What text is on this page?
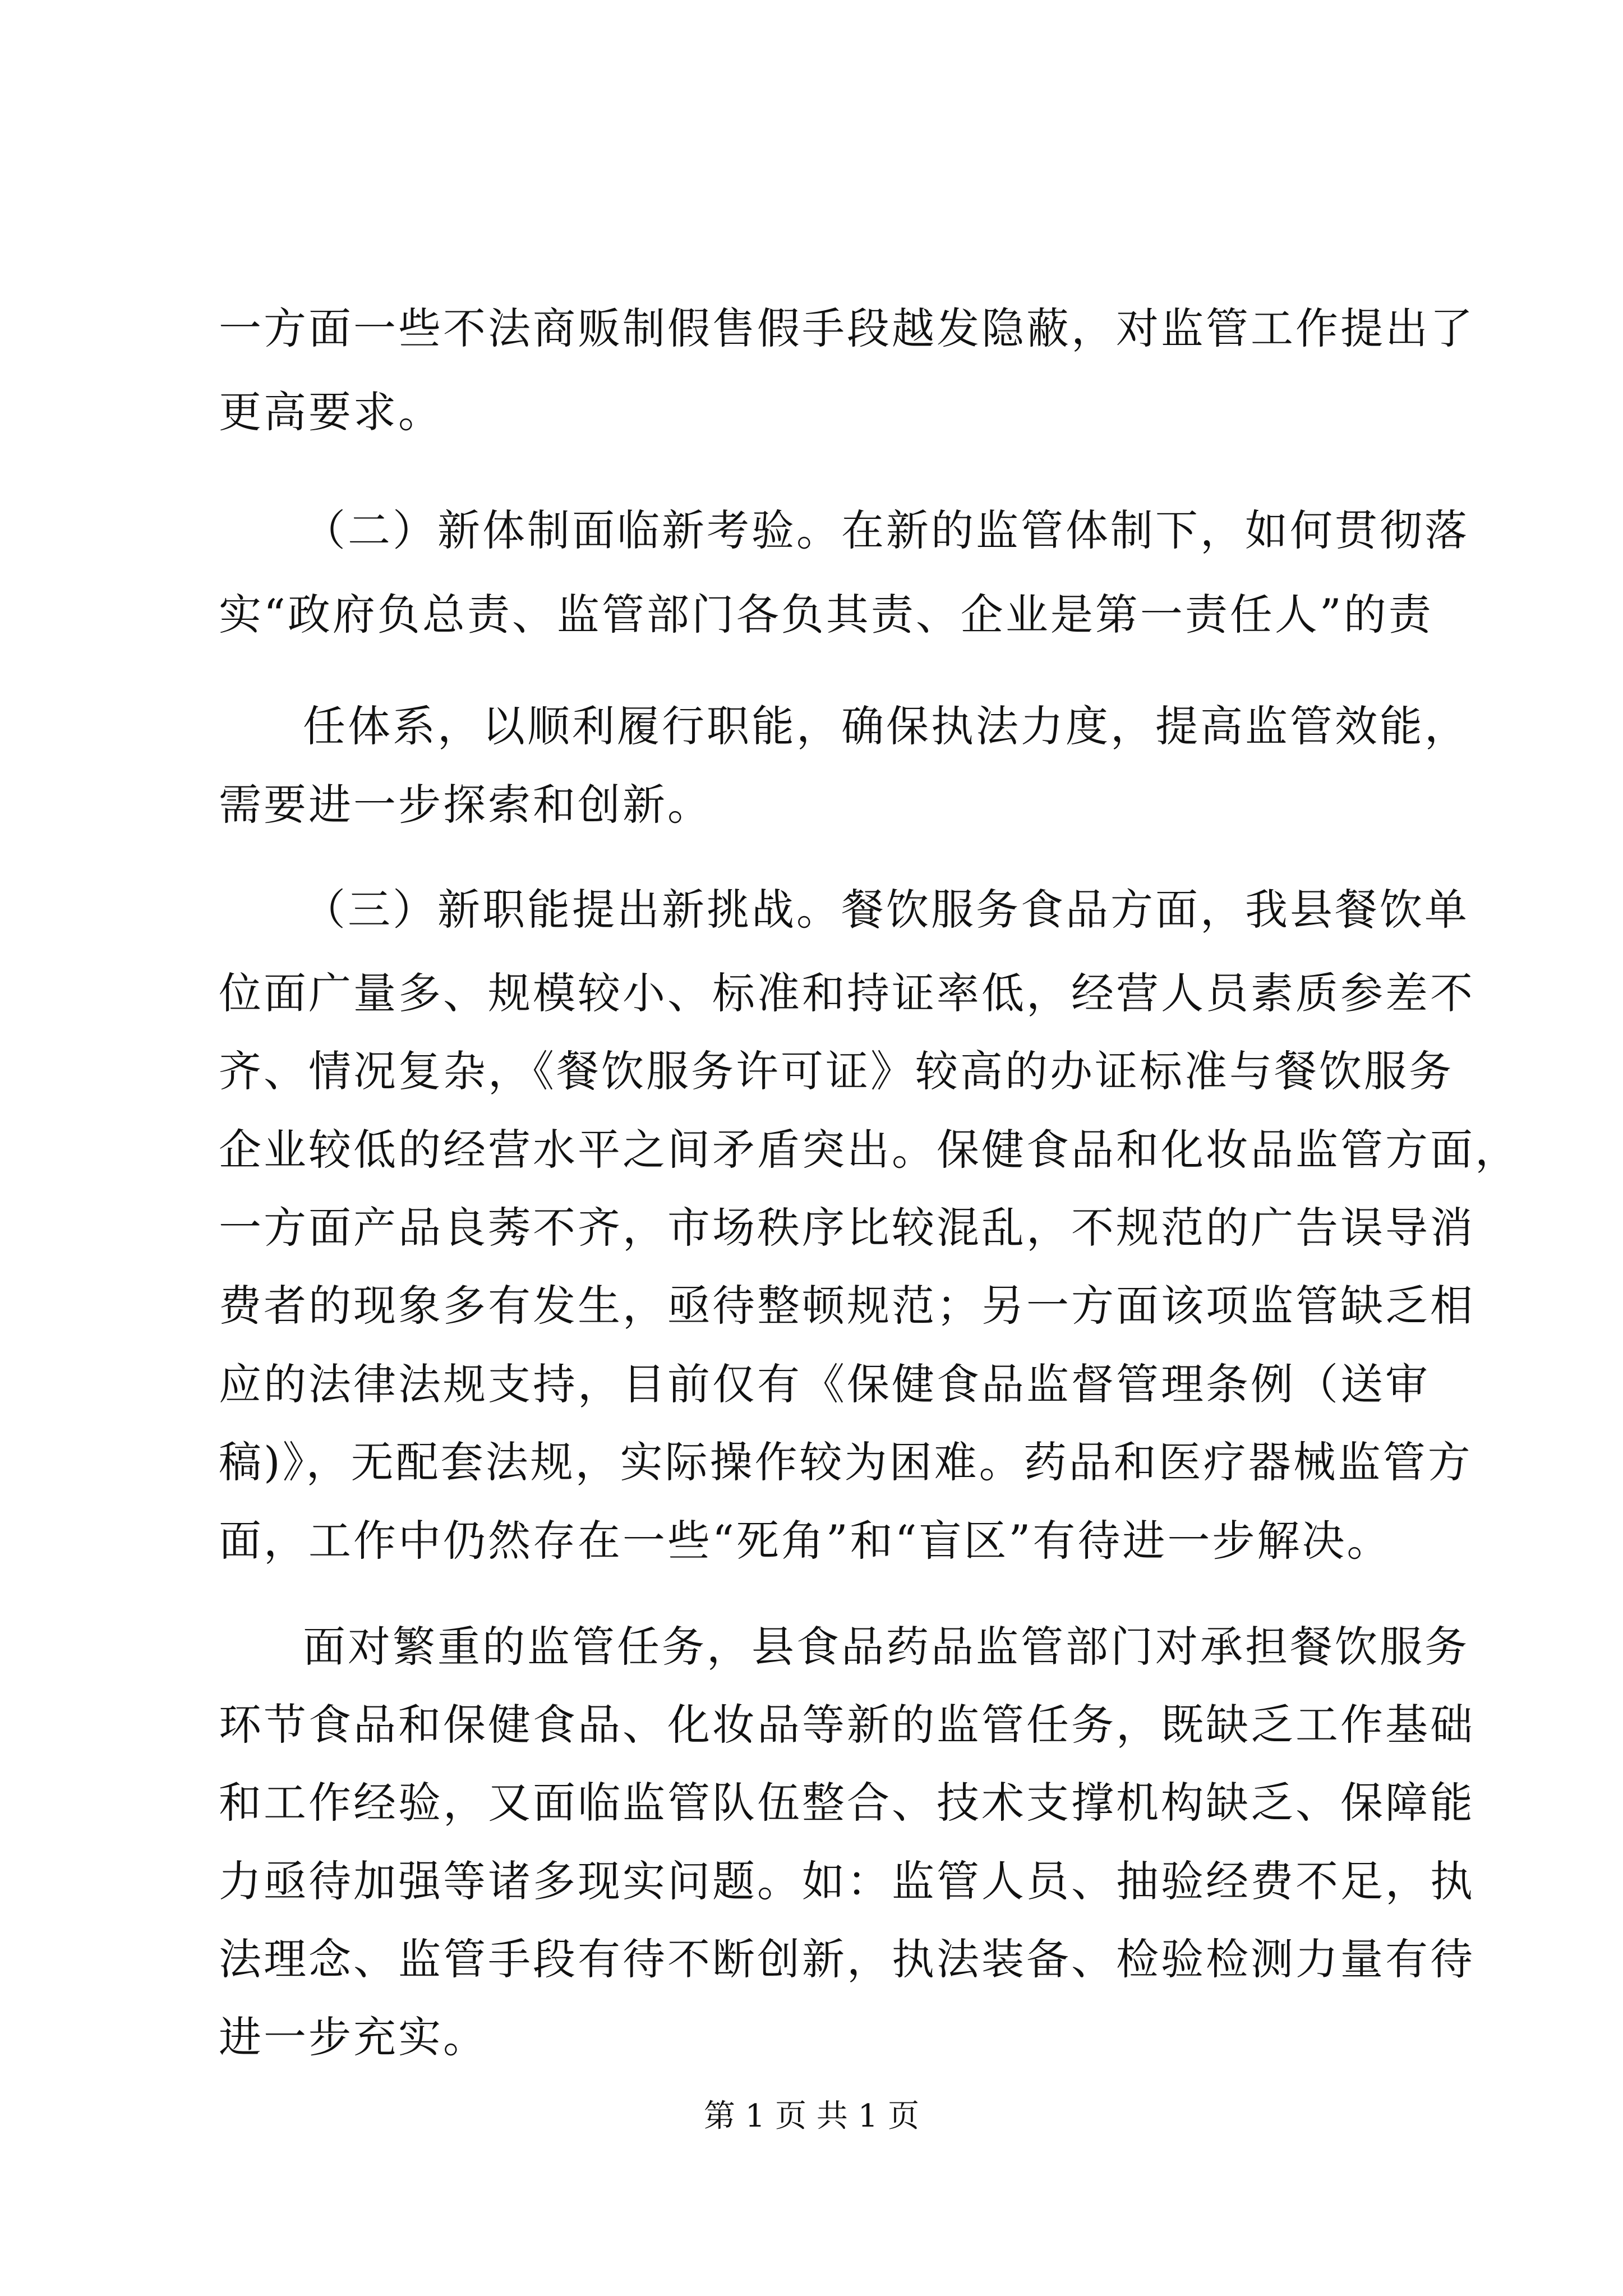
一方面一些不法商贩制假售假手段越发隐蔽，对监管工作提出了

更高要求。

（二）新体制面临新考验。在新的监管体制下，如何贯彻落

实“政府负总责、监管部门各负其责、企业是第一责任人”的责

任体系，以顺利履行职能，确保执法力度，提高监管效能，

需要进一步探索和创新。

（三）新职能提出新挑战。餐饮服务食品方面，我县餐饮单

位面广量多、规模较小、标准和持证率低，经营人员素质参差不

齐、情况复杂，《餐饮服务许可证》较高的办证标准与餐饮服务

企业较低的经营水平之间矛盾突出。保健食品和化妆品监管方面，

一方面产品良莠不齐，市场秩序比较混乱，不规范的广告误导消

费者的现象多有发生，亟待整顿规范；另一方面该项监管缺乏相

应的法律法规支持，目前仅有《保健食品监督管理条例（送审

稿)》，无配套法规，实际操作较为困难。药品和医疗器械监管方

面，工作中仍然存在一些“死角”和“盲区”有待进一步解决。

面对繁重的监管任务，县食品药品监管部门对承担餐饮服务

环节食品和保健食品、化妆品等新的监管任务，既缺乏工作基础

和工作经验，又面临监管队伍整合、技术支撑机构缺乏、保障能

力亟待加强等诸多现实问题。如：监管人员、抽验经费不足，执

法理念、监管手段有待不断创新，执法装备、检验检测力量有待

进一步充实。

第 1 页 共 1 页
